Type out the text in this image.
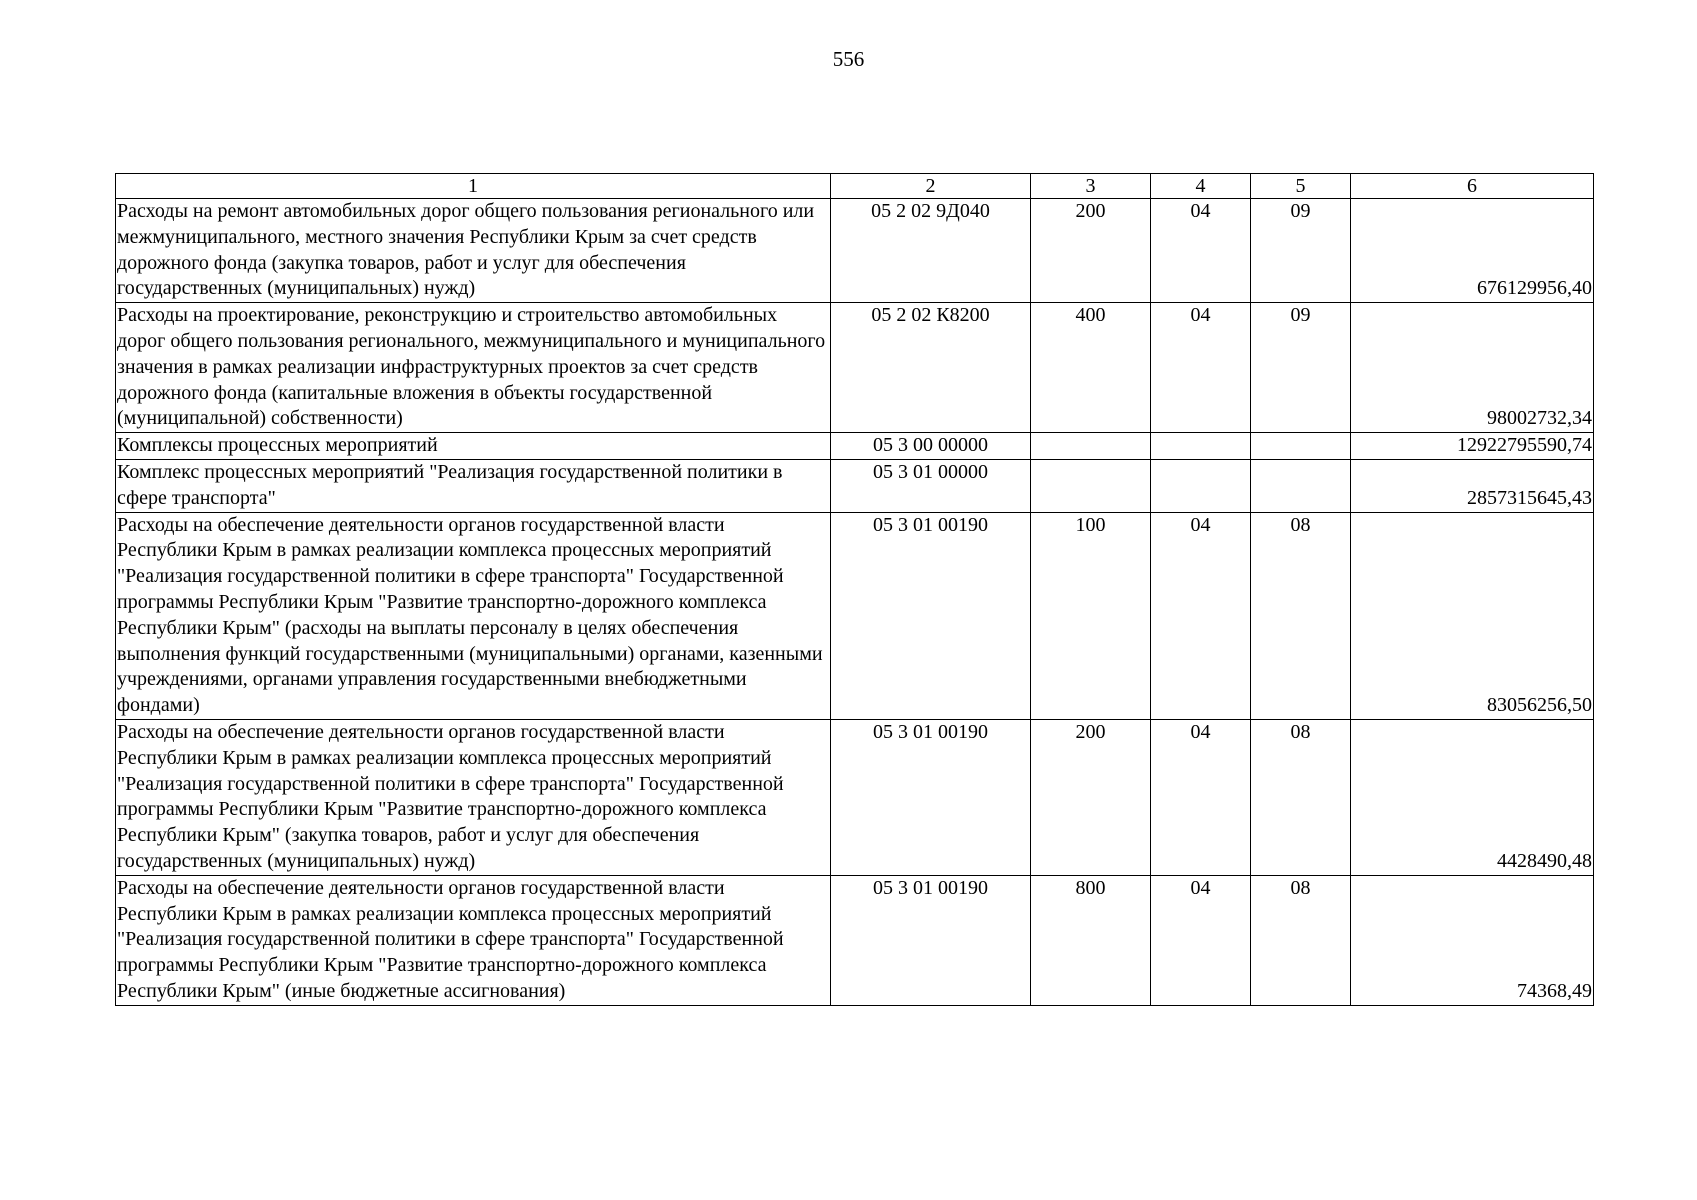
556
1	2	3	4	5	6
Расходы на ремонт автомобильных дорог общего пользования регионального или межмуниципального, местного значения Республики Крым за счет средств дорожного фонда (закупка товаров, работ и услуг для обеспечения государственных (муниципальных) нужд)	05 2 02 9Д040	200	04	09	676129956,40
Расходы на проектирование, реконструкцию и строительство автомобильных дорог общего пользования регионального, межмуниципального и муниципального значения в рамках реализации инфраструктурных проектов за счет средств дорожного фонда (капитальные вложения в объекты государственной (муниципальной) собственности)	05 2 02 К8200	400	04	09	98002732,34
Комплексы процессных мероприятий	05 3 00 00000				12922795590,74
Комплекс процессных мероприятий "Реализация государственной политики в сфере транспорта"	05 3 01 00000				2857315645,43
Расходы на обеспечение деятельности органов государственной власти Республики Крым в рамках реализации комплекса процессных мероприятий "Реализация государственной политики в сфере транспорта" Государственной программы Республики Крым "Развитие транспортно-дорожного комплекса Республики Крым" (расходы на выплаты персоналу в целях обеспечения выполнения функций государственными (муниципальными) органами, казенными учреждениями, органами управления государственными внебюджетными фондами)	05 3 01 00190	100	04	08	83056256,50
Расходы на обеспечение деятельности органов государственной власти Республики Крым в рамках реализации комплекса процессных мероприятий "Реализация государственной политики в сфере транспорта" Государственной программы Республики Крым "Развитие транспортно-дорожного комплекса Республики Крым" (закупка товаров, работ и услуг для обеспечения государственных (муниципальных) нужд)	05 3 01 00190	200	04	08	4428490,48
Расходы на обеспечение деятельности органов государственной власти Республики Крым в рамках реализации комплекса процессных мероприятий "Реализация государственной политики в сфере транспорта" Государственной программы Республики Крым "Развитие транспортно-дорожного комплекса Республики Крым" (иные бюджетные ассигнования)	05 3 01 00190	800	04	08	74368,49
